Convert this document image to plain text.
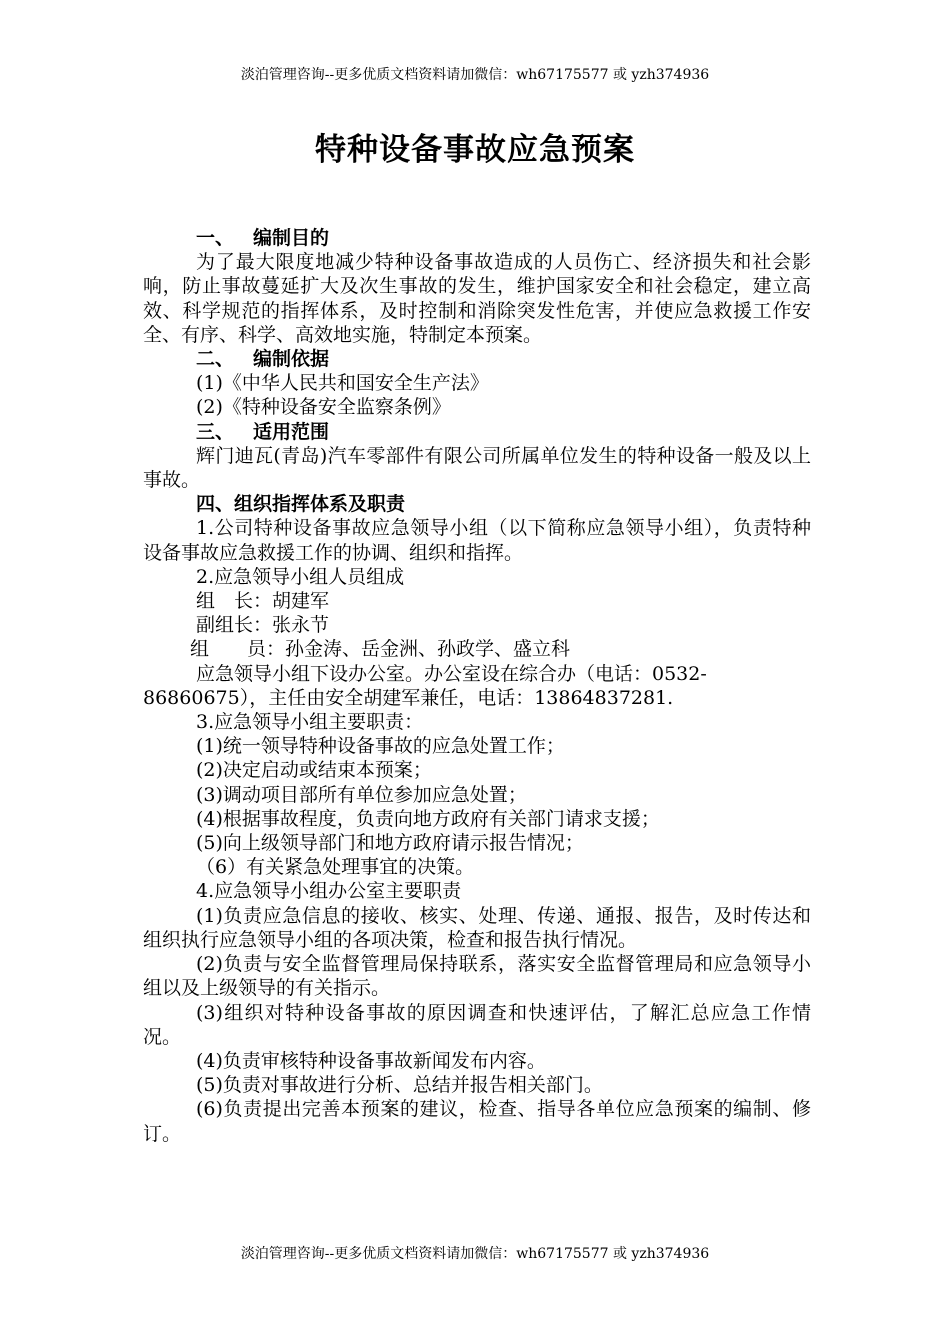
淡泊管理咨询--更多优质文档资料请加微信：wh67175577 或 yzh374936
特种设备事故应急预案

一、 编制目的

为了最大限度地减少特种设备事故造成的人员伤亡、经济损失和社会影响，防止事故蔓延扩大及次生事故的发生，维护国家安全和社会稳定，建立高效、科学规范的指挥体系，及时控制和消除突发性危害，并使应急救援工作安全、有序、科学、高效地实施，特制定本预案。

二、 编制依据

(1)《中华人民共和国安全生产法》

(2)《特种设备安全监察条例》

三、 适用范围

辉门迪瓦(青岛)汽车零部件有限公司所属单位发生的特种设备一般及以上事故。

四、组织指挥体系及职责

1.公司特种设备事故应急领导小组（以下简称应急领导小组），负责特种设备事故应急救援工作的协调、组织和指挥。

2.应急领导小组人员组成

组　长：胡建军

副组长：张永节

组　　员：孙金涛、岳金洲、孙政学、盛立科

应急领导小组下设办公室。办公室设在综合办（电话：0532-86860675），主任由安全胡建军兼任，电话：13864837281.

3.应急领导小组主要职责：

(1)统一领导特种设备事故的应急处置工作；

(2)决定启动或结束本预案；

(3)调动项目部所有单位参加应急处置；

(4)根据事故程度，负责向地方政府有关部门请求支援；

(5)向上级领导部门和地方政府请示报告情况；

（6）有关紧急处理事宜的决策。

4.应急领导小组办公室主要职责

(1)负责应急信息的接收、核实、处理、传递、通报、报告，及时传达和组织执行应急领导小组的各项决策，检查和报告执行情况。

(2)负责与安全监督管理局保持联系，落实安全监督管理局和应急领导小组以及上级领导的有关指示。

(3)组织对特种设备事故的原因调查和快速评估，了解汇总应急工作情况。

(4)负责审核特种设备事故新闻发布内容。

(5)负责对事故进行分析、总结并报告相关部门。

(6)负责提出完善本预案的建议，检查、指导各单位应急预案的编制、修订。

淡泊管理咨询--更多优质文档资料请加微信：wh67175577 或 yzh374936
